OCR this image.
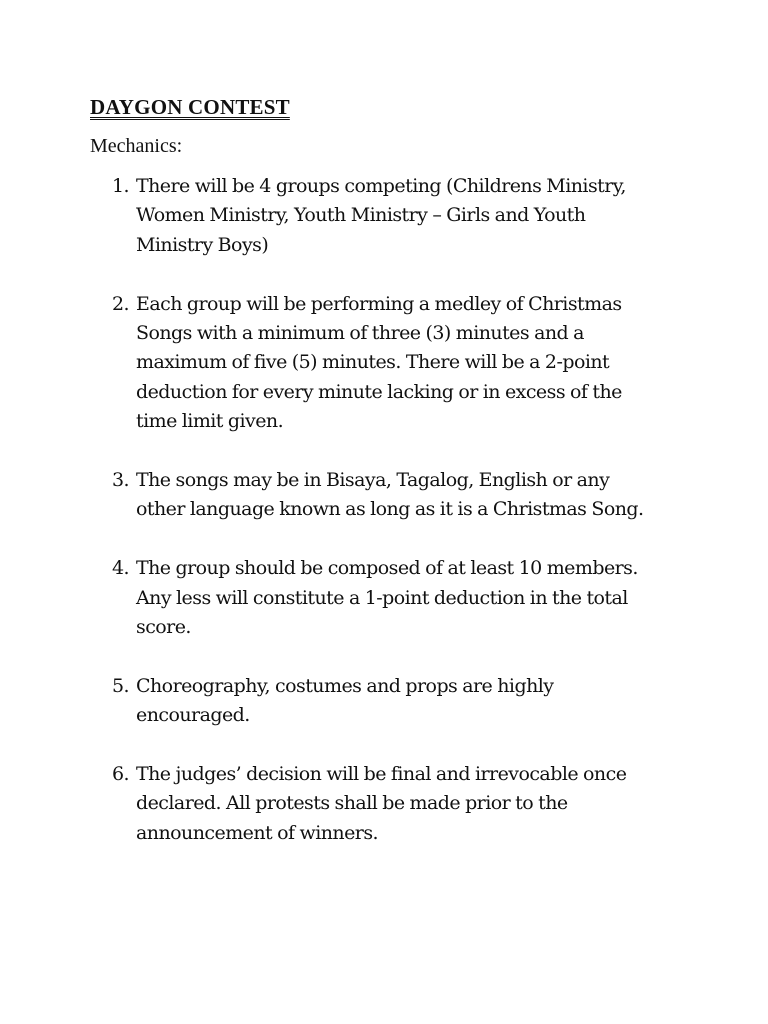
DAYGON CONTEST

Mechanics:

1. There will be 4 groups competing (Childrens Ministry,
Women Ministry, Youth Ministry – Girls and Youth
Ministry Boys)
2. Each group will be performing a medley of Christmas
Songs with a minimum of three (3) minutes and a
maximum of five (5) minutes. There will be a 2-point
deduction for every minute lacking or in excess of the
time limit given.
3. The songs may be in Bisaya, Tagalog, English or any
other language known as long as it is a Christmas Song.
4. The group should be composed of at least 10 members.
Any less will constitute a 1-point deduction in the total
score.
5. Choreography, costumes and props are highly
encouraged.
6. The judges’ decision will be final and irrevocable once
declared. All protests shall be made prior to the
announcement of winners.
